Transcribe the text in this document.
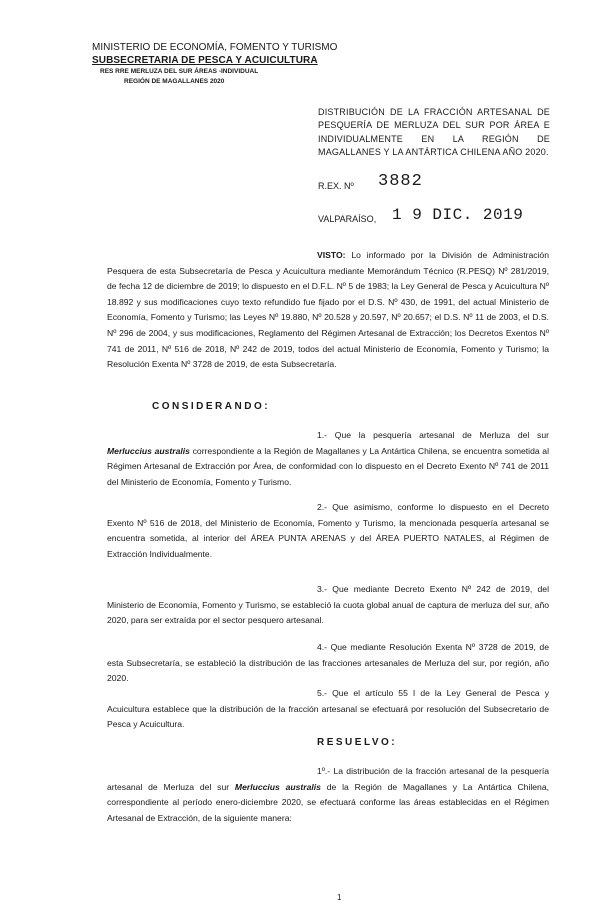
MINISTERIO DE ECONOMÍA, FOMENTO Y TURISMO
SUBSECRETARIA DE PESCA Y ACUICULTURA
RES RRE MERLUZA DEL SUR ÁREAS -INDIVIDUAL
REGIÓN DE MAGALLANES 2020
DISTRIBUCIÓN DE LA FRACCIÓN ARTESANAL DE PESQUERÍA DE MERLUZA DEL SUR POR ÁREA E INDIVIDUALMENTE EN LA REGIÓN DE MAGALLANES Y LA ANTÁRTICA CHILENA AÑO 2020.
R.EX. Nº 3882
VALPARAÍSO, 1 9 DIC. 2019
VISTO: Lo informado por la División de Administración Pesquera de esta Subsecretaría de Pesca y Acuicultura mediante Memorándum Técnico (R.PESQ) Nº 281/2019, de fecha 12 de diciembre de 2019; lo dispuesto en el D.F.L. Nº 5 de 1983; la Ley General de Pesca y Acuicultura Nº 18.892 y sus modificaciones cuyo texto refundido fue fijado por el D.S. Nº 430, de 1991, del actual Ministerio de Economía, Fomento y Turismo; las Leyes Nº 19.880, Nº 20.528 y 20.597, Nº 20.657; el D.S. Nº 11 de 2003, el D.S. Nº 296 de 2004, y sus modificaciones, Reglamento del Régimen Artesanal de Extracción; los Decretos Exentos Nº 741 de 2011, Nº 516 de 2018, Nº 242 de 2019, todos del actual Ministerio de Economía, Fomento y Turismo; la Resolución Exenta Nº 3728 de 2019, de esta Subsecretaría.
CONSIDERANDO:
1.- Que la pesquería artesanal de Merluza del sur Merluccius australis correspondiente a la Región de Magallanes y La Antártica Chilena, se encuentra sometida al Régimen Artesanal de Extracción por Área, de conformidad con lo dispuesto en el Decreto Exento Nº 741 de 2011 del Ministerio de Economía, Fomento y Turismo.
2.- Que asimismo, conforme lo dispuesto en el Decreto Exento Nº 516 de 2018, del Ministerio de Economía, Fomento y Turismo, la mencionada pesquería artesanal se encuentra sometida, al interior del ÁREA PUNTA ARENAS y del ÁREA PUERTO NATALES, al Régimen de Extracción Individualmente.
3.- Que mediante Decreto Exento Nº 242 de 2019, del Ministerio de Economía, Fomento y Turismo, se estableció la cuota global anual de captura de merluza del sur, año 2020, para ser extraída por el sector pesquero artesanal.
4.- Que mediante Resolución Exenta Nº 3728 de 2019, de esta Subsecretaría, se estableció la distribución de las fracciones artesanales de Merluza del sur, por región, año 2020.
5.- Que el artículo 55 I de la Ley General de Pesca y Acuicultura establece que la distribución de la fracción artesanal se efectuará por resolución del Subsecretario de Pesca y Acuicultura.
RESUELVO:
1º.- La distribución de la fracción artesanal de la pesquería artesanal de Merluza del sur Merluccius australis de la Región de Magallanes y La Antártica Chilena, correspondiente al período enero-diciembre 2020, se efectuará conforme las áreas establecidas en el Régimen Artesanal de Extracción, de la siguiente manera:
1
